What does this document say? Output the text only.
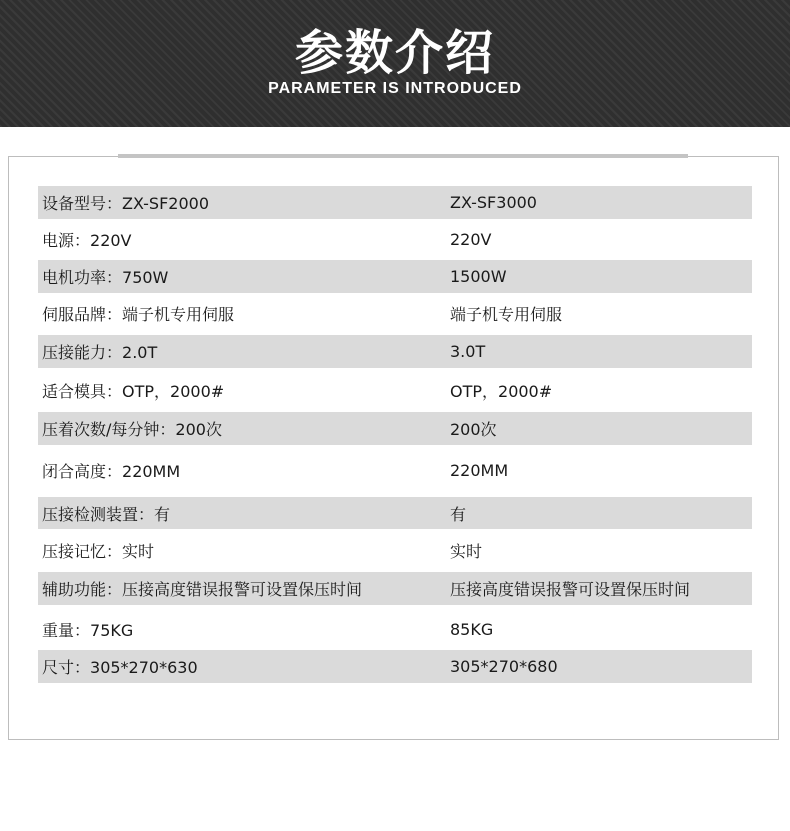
参数介绍
PARAMETER IS INTRODUCED
设备型号：ZX-SF2000	ZX-SF3000
电源：220V	220V
电机功率：750W	1500W
伺服品牌：端子机专用伺服	端子机专用伺服
压接能力：2.0T	3.0T
适合模具：OTP，2000#	OTP，2000#
压着次数/每分钟：200次	200次
闭合高度：220MM	220MM
压接检测装置：有	有
压接记忆：实时	实时
辅助功能：压接高度错误报警可设置保压时间	压接高度错误报警可设置保压时间
重量：75KG	85KG
尺寸：305*270*630	305*270*680
